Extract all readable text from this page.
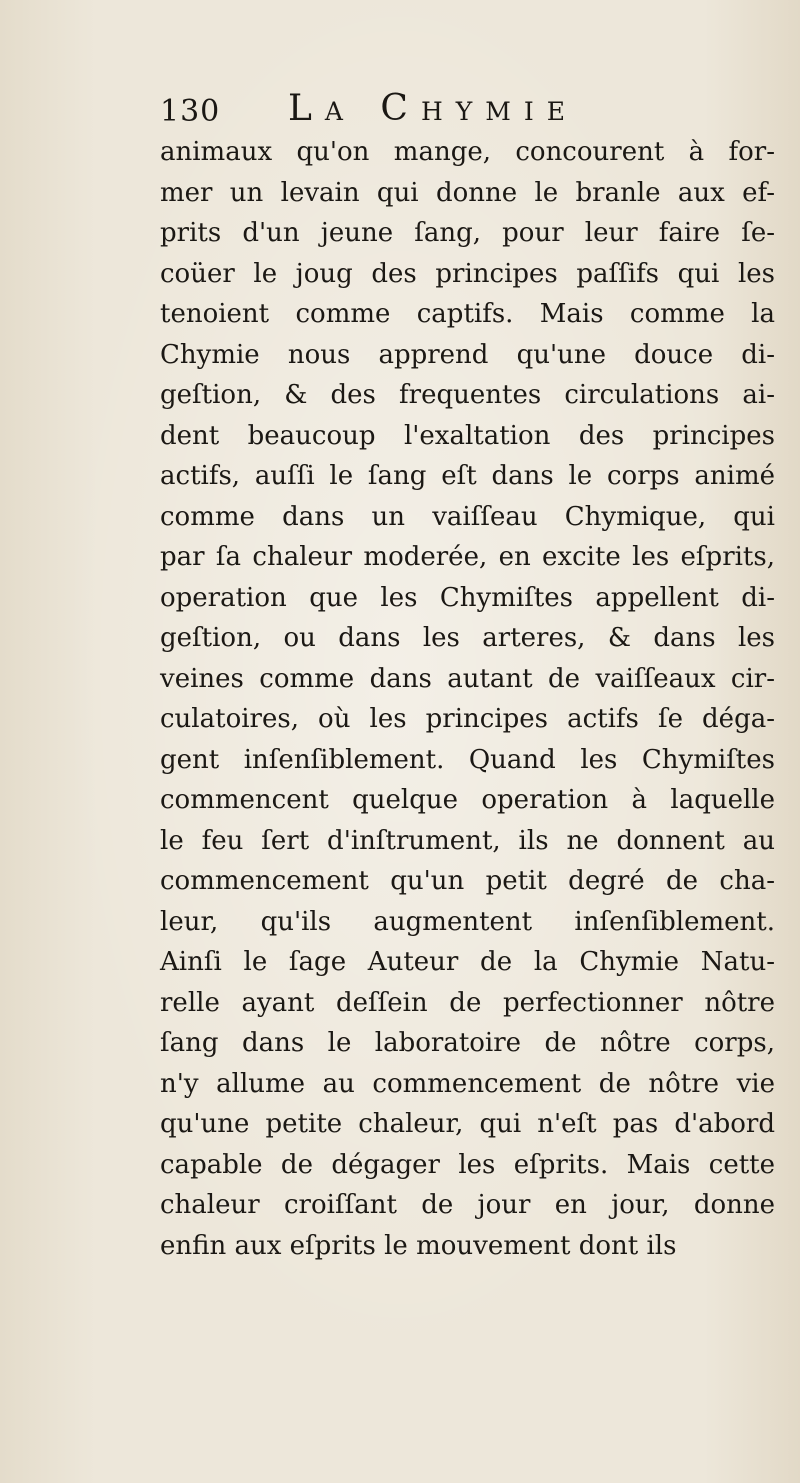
130 La Chymie
animaux qu'on mange, concourent à for-
mer un levain qui donne le branle aux ef-
prits d'un jeune ſang, pour leur faire ſe-
coüer le joug des principes paſſifs qui les
tenoient comme captifs. Mais comme la
Chymie nous apprend qu'une douce di-
geſtion, & des frequentes circulations ai-
dent beaucoup l'exaltation des principes
actifs, auſſi le ſang eſt dans le corps animé
comme dans un vaiſſeau Chymique, qui
par ſa chaleur moderée, en excite les eſprits,
operation que les Chymiſtes appellent di-
geſtion, ou dans les arteres, & dans les
veines comme dans autant de vaiſſeaux cir-
culatoires, où les principes actifs ſe déga-
gent inſenſiblement. Quand les Chymiſtes
commencent quelque operation à laquelle
le feu ſert d'inſtrument, ils ne donnent au
commencement qu'un petit degré de cha-
leur, qu'ils augmentent inſenſiblement.
Ainſi le ſage Auteur de la Chymie Natu-
relle ayant deſſein de perfectionner nôtre
ſang dans le laboratoire de nôtre corps,
n'y allume au commencement de nôtre vie
qu'une petite chaleur, qui n'eſt pas d'abord
capable de dégager les eſprits. Mais cette
chaleur croiſſant de jour en jour, donne
enfin aux eſprits le mouvement dont ils
